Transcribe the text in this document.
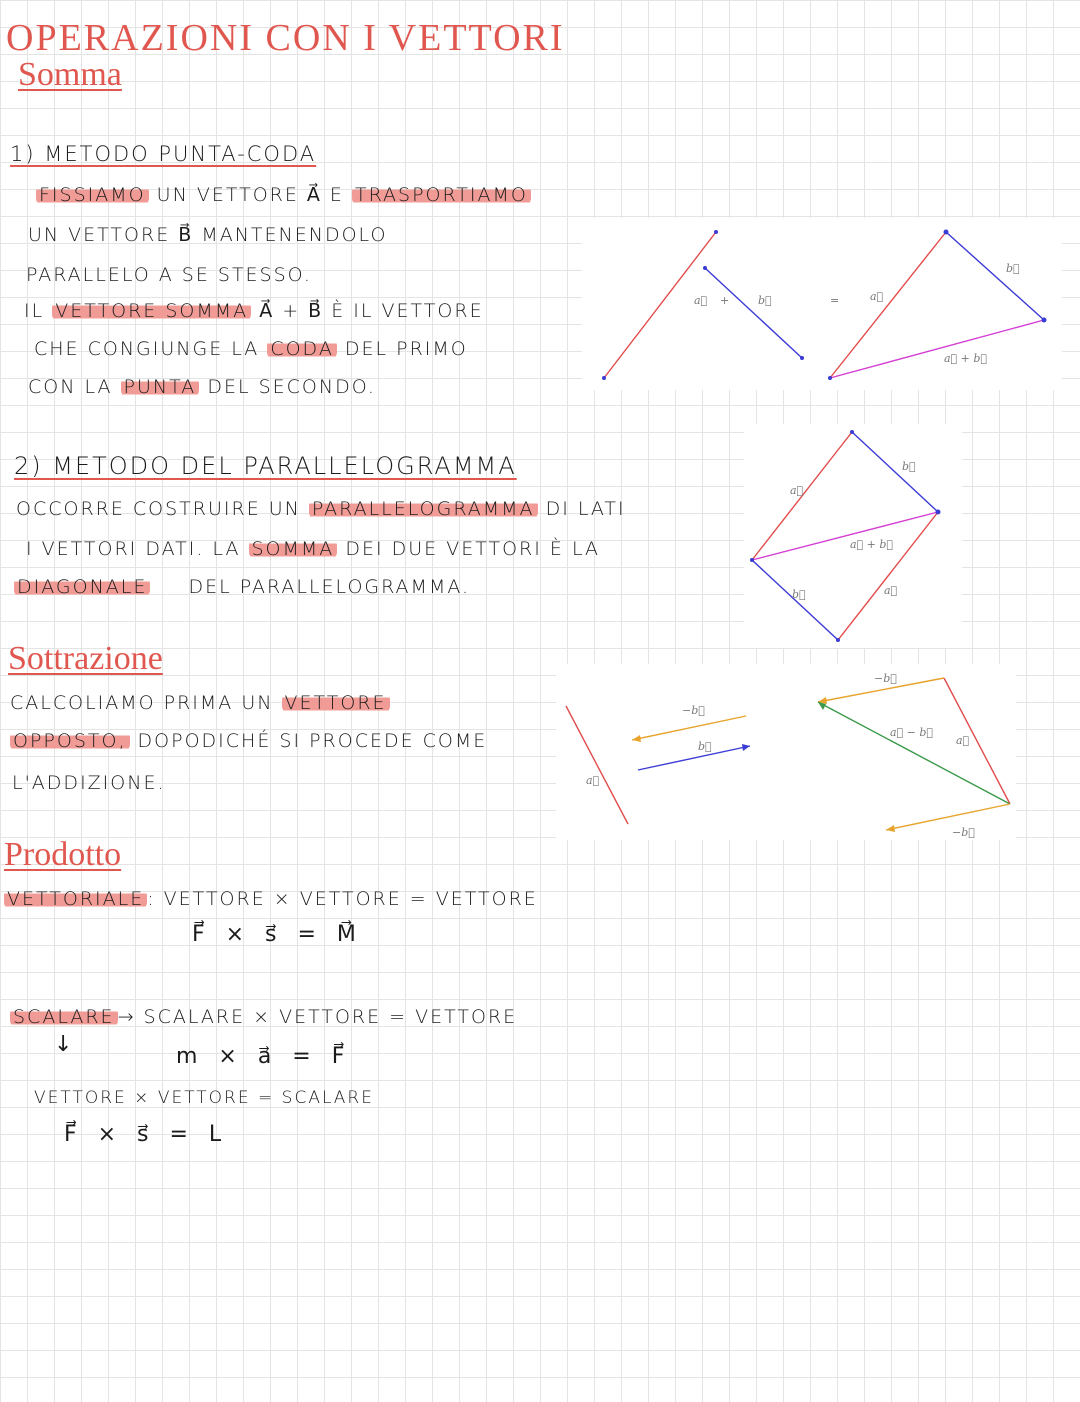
OPERAZIONI CON I VETTORI
Somma
1) METODO PUNTA-CODA
FISSIAMO UN VETTORE A⃗ E TRASPORTIAMO
UN VETTORE B⃗ MANTENENDOLO
PARALLELO A SE STESSO.
IL VETTORE SOMMA A⃗ + B⃗ È IL VETTORE
CHE CONGIUNGE LA CODA DEL PRIMO
CON LA PUNTA DEL SECONDO.
a⃗ +	b⃗	=	a⃗
b⃗
a⃗ + b⃗
2) METODO DEL PARALLELOGRAMMA
OCCORRE COSTRUIRE UN PARALLELOGRAMMA DI LATI
I VETTORI DATI. LA SOMMA DEI DUE VETTORI È LA
DIAGONALE DEL PARALLELOGRAMMA.
a⃗
b⃗
a⃗ + b⃗
b⃗	a⃗
Sottrazione
CALCOLIAMO PRIMA UN VETTORE
OPPOSTO, DOPODICHÉ SI PROCEDE COME
L'ADDIZIONE.	a⃗
−b⃗
b⃗
−b⃗
a⃗
a⃗ − b⃗
−b⃗
Prodotto
VETTORIALE : VETTORE × VETTORE = VETTORE
F⃗   ×   s⃗   =   M⃗
SCALARE → SCALARE × VETTORE = VETTORE
↓	m   ×   a⃗   =   F⃗
VETTORE × VETTORE = SCALARE
F⃗   ×   s⃗   =   L
